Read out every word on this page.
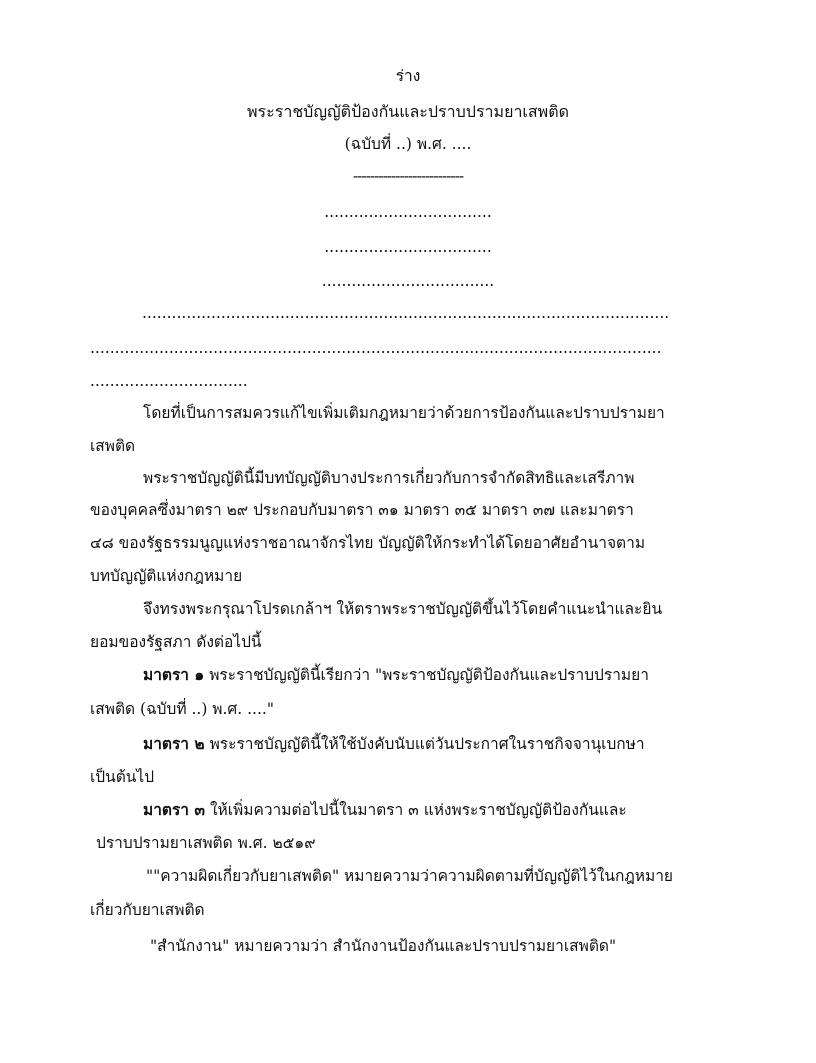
ร่าง
พระราชบัญญัติป้องกันและปราบปรามยาเสพติด
(ฉบับที่ ..) พ.ศ. ....
--------------------------
..................................
..................................
...................................
...........................................................................................................
....................................................................................................................
................................
โดยที่เป็นการสมควรแก้ไขเพิ่มเติมกฎหมายว่าด้วยการป้องกันและปราบปรามยา
เสพติด
พระราชบัญญัตินี้มีบทบัญญัติบางประการเกี่ยวกับการจำกัดสิทธิและเสรีภาพ
ของบุคคลซึ่งมาตรา ๒๙ ประกอบกับมาตรา ๓๑ มาตรา ๓๕ มาตรา ๓๗ และมาตรา
๔๘ ของรัฐธรรมนูญแห่งราชอาณาจักรไทย บัญญัติให้กระทำได้โดยอาศัยอำนาจตาม
บทบัญญัติแห่งกฎหมาย
จึงทรงพระกรุณาโปรดเกล้าฯ ให้ตราพระราชบัญญัติขึ้นไว้โดยคำแนะนำและยิน
ยอมของรัฐสภา ดังต่อไปนี้
มาตรา ๑ พระราชบัญญัตินี้เรียกว่า "พระราชบัญญัติป้องกันและปราบปรามยา
เสพติด (ฉบับที่ ..) พ.ศ. ...."
มาตรา ๒ พระราชบัญญัตินี้ให้ใช้บังคับนับแต่วันประกาศในราชกิจจานุเบกษา
เป็นต้นไป
มาตรา ๓ ให้เพิ่มความต่อไปนี้ในมาตรา ๓ แห่งพระราชบัญญัติป้องกันและ
ปราบปรามยาเสพติด พ.ศ. ๒๕๑๙
""ความผิดเกี่ยวกับยาเสพติด" หมายความว่าความผิดตามที่บัญญัติไว้ในกฎหมาย
เกี่ยวกับยาเสพติด
"สำนักงาน" หมายความว่า สำนักงานป้องกันและปราบปรามยาเสพติด"
